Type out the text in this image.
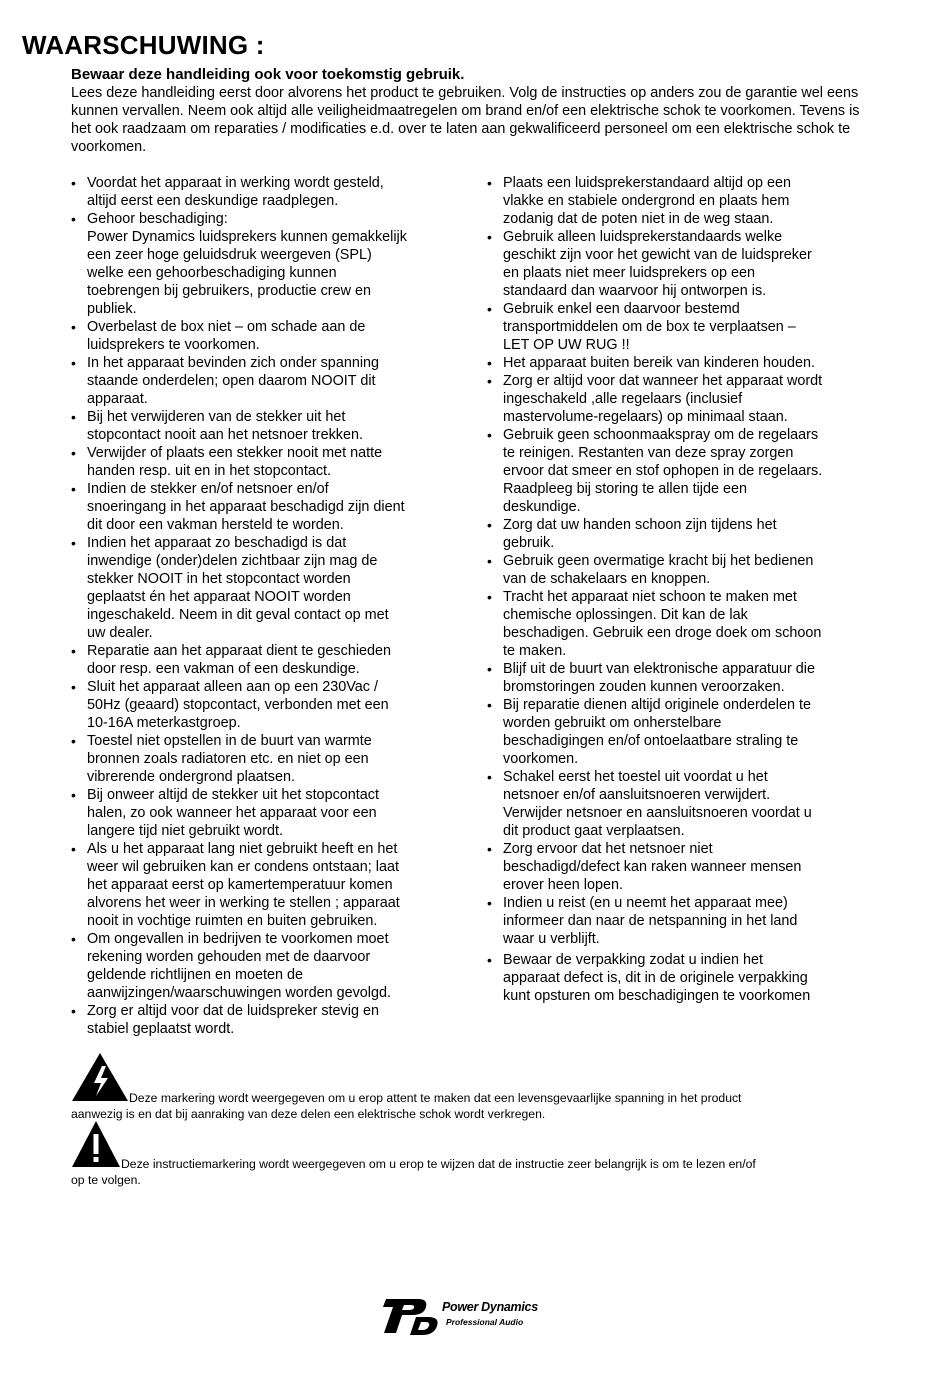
WAARSCHUWING :

Bewaar deze handleiding ook voor toekomstig gebruik.

Lees deze handleiding eerst door alvorens het product te gebruiken. Volg de instructies op anders zou de garantie wel eens kunnen vervallen. Neem ook altijd alle veiligheidmaatregelen om brand en/of een elektrische schok te voorkomen. Tevens is het ook raadzaam om reparaties / modificaties e.d. over te laten aan gekwalificeerd personeel om een elektrische schok te voorkomen.

• Voordat het apparaat in werking wordt gesteld,
altijd eerst een deskundige raadplegen.
• Gehoor beschadiging:
Power Dynamics luidsprekers kunnen gemakkelijk
een zeer hoge geluidsdruk weergeven (SPL)
welke een gehoorbeschadiging kunnen
toebrengen bij gebruikers, productie crew en
publiek.
• Overbelast de box niet – om schade aan de
luidsprekers te voorkomen.
• In het apparaat bevinden zich onder spanning
staande onderdelen; open daarom NOOIT dit
apparaat.
• Bij het verwijderen van de stekker uit het
stopcontact nooit aan het netsnoer trekken.
• Verwijder of plaats een stekker nooit met natte
handen resp. uit en in het stopcontact.
• Indien de stekker en/of netsnoer en/of
snoeringang in het apparaat beschadigd zijn dient
dit door een vakman hersteld te worden.
• Indien het apparaat zo beschadigd is dat
inwendige (onder)delen zichtbaar zijn mag de
stekker NOOIT in het stopcontact worden
geplaatst én het apparaat NOOIT worden
ingeschakeld. Neem in dit geval contact op met
uw dealer.
• Reparatie aan het apparaat dient te geschieden
door resp. een vakman of een deskundige.
• Sluit het apparaat alleen aan op een 230Vac /
50Hz (geaard) stopcontact, verbonden met een
10-16A meterkastgroep.
• Toestel niet opstellen in de buurt van warmte
bronnen zoals radiatoren etc. en niet op een
vibrerende ondergrond plaatsen.
• Bij onweer altijd de stekker uit het stopcontact
halen, zo ook wanneer het apparaat voor een
langere tijd niet gebruikt wordt.
• Als u het apparaat lang niet gebruikt heeft en het
weer wil gebruiken kan er condens ontstaan; laat
het apparaat eerst op kamertemperatuur komen
alvorens het weer in werking te stellen ; apparaat
nooit in vochtige ruimten en buiten gebruiken.
• Om ongevallen in bedrijven te voorkomen moet
rekening worden gehouden met de daarvoor
geldende richtlijnen en moeten de
aanwijzingen/waarschuwingen worden gevolgd.
• Zorg er altijd voor dat de luidspreker stevig en
stabiel geplaatst wordt.
• Plaats een luidsprekerstandaard altijd op een
vlakke en stabiele ondergrond en plaats hem
zodanig dat de poten niet in de weg staan.
• Gebruik alleen luidsprekerstandaards welke
geschikt zijn voor het gewicht van de luidspreker
en plaats niet meer luidsprekers op een
standaard dan waarvoor hij ontworpen is.
• Gebruik enkel een daarvoor bestemd
transportmiddelen om de box te verplaatsen –
LET OP UW RUG !!
• Het apparaat buiten bereik van kinderen houden.
• Zorg er altijd voor dat wanneer het apparaat wordt
ingeschakeld ,alle regelaars (inclusief
mastervolume-regelaars) op minimaal staan.
• Gebruik geen schoonmaakspray om de regelaars
te reinigen. Restanten van deze spray zorgen
ervoor dat smeer en stof ophopen in de regelaars.
Raadpleeg bij storing te allen tijde een
deskundige.
• Zorg dat uw handen schoon zijn tijdens het
gebruik.
• Gebruik geen overmatige kracht bij het bedienen
van de schakelaars en knoppen.
• Tracht het apparaat niet schoon te maken met
chemische oplossingen. Dit kan de lak
beschadigen. Gebruik een droge doek om schoon
te maken.
• Blijf uit de buurt van elektronische apparatuur die
bromstoringen zouden kunnen veroorzaken.
• Bij reparatie dienen altijd originele onderdelen te
worden gebruikt om onherstelbare
beschadigingen en/of ontoelaatbare straling te
voorkomen.
• Schakel eerst het toestel uit voordat u het
netsnoer en/of aansluitsnoeren verwijdert.
Verwijder netsnoer en aansluitsnoeren voordat u
dit product gaat verplaatsen.
• Zorg ervoor dat het netsnoer niet
beschadigd/defect kan raken wanneer mensen
erover heen lopen.
• Indien u reist (en u neemt het apparaat mee)
informeer dan naar de netspanning in het land
waar u verblijft.
• Bewaar de verpakking zodat u indien het
apparaat defect is, dit in de originele verpakking
kunt opsturen om beschadigingen te voorkomen
Deze markering wordt weergegeven om u erop attent te maken dat een levensgevaarlijke spanning in het product
aanwezig is en dat bij aanraking van deze delen een elektrische schok wordt verkregen.
Deze instructiemarkering wordt weergegeven om u erop te wijzen dat de instructie zeer belangrijk is om te lezen en/of
op te volgen.
Power Dynamics
Professional Audio
